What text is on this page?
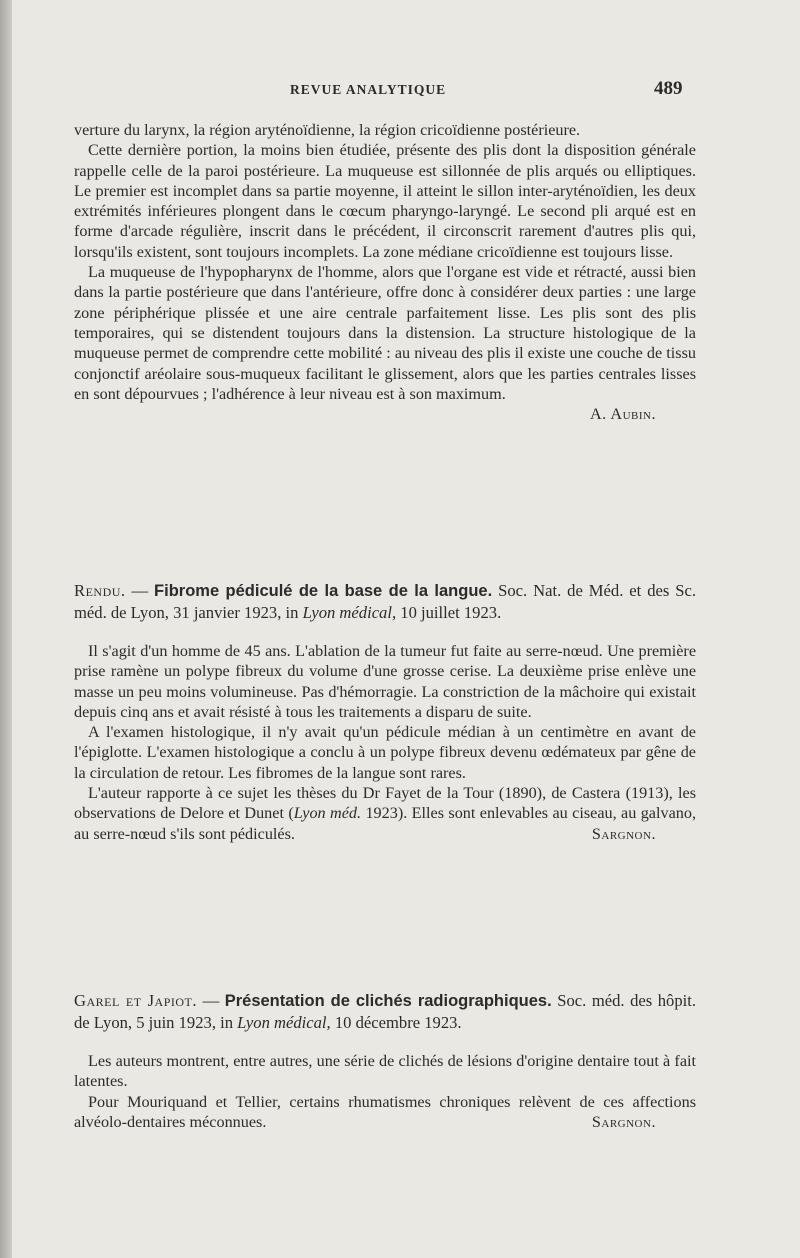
REVUE ANALYTIQUE	489

verture du larynx, la région aryténoïdienne, la région cricoïdienne postérieure.

Cette dernière portion, la moins bien étudiée, présente des plis dont la disposition générale rappelle celle de la paroi postérieure. La muqueuse est sillonnée de plis arqués ou elliptiques. Le premier est incomplet dans sa partie moyenne, il atteint le sillon inter-aryténoïdien, les deux extrémités inférieures plongent dans le cœcum pharyngo-laryngé. Le second pli arqué est en forme d'arcade régulière, inscrit dans le précédent, il circonscrit rarement d'autres plis qui, lorsqu'ils existent, sont toujours incomplets. La zone médiane cricoïdienne est toujours lisse.

La muqueuse de l'hypopharynx de l'homme, alors que l'organe est vide et rétracté, aussi bien dans la partie postérieure que dans l'antérieure, offre donc à considérer deux parties : une large zone périphérique plissée et une aire centrale parfaitement lisse. Les plis sont des plis temporaires, qui se distendent toujours dans la distension. La structure histologique de la muqueuse permet de comprendre cette mobilité : au niveau des plis il existe une couche de tissu conjonctif aréolaire sous-muqueux facilitant le glissement, alors que les parties centrales lisses en sont dépourvues ; l'adhérence à leur niveau est à son maximum.

A. Aubin.

Rendu. — Fibrome pédiculé de la base de la langue. Soc. Nat. de Méd. et des Sc. méd. de Lyon, 31 janvier 1923, in Lyon médical, 10 juillet 1923.

Il s'agit d'un homme de 45 ans. L'ablation de la tumeur fut faite au serre-nœud. Une première prise ramène un polype fibreux du volume d'une grosse cerise. La deuxième prise enlève une masse un peu moins volumineuse. Pas d'hémorragie. La constriction de la mâchoire qui existait depuis cinq ans et avait résisté à tous les traitements a disparu de suite.

A l'examen histologique, il n'y avait qu'un pédicule médian à un centimètre en avant de l'épiglotte. L'examen histologique a conclu à un polype fibreux devenu œdémateux par gêne de la circulation de retour. Les fibromes de la langue sont rares.

L'auteur rapporte à ce sujet les thèses du Dr Fayet de la Tour (1890), de Castera (1913), les observations de Delore et Dunet (Lyon méd. 1923). Elles sont enlevables au ciseau, au galvano, au serre-nœud s'ils sont pédiculés.	Sargnon.

Garel et Japiot. — Présentation de clichés radiographiques. Soc. méd. des hôpit. de Lyon, 5 juin 1923, in Lyon médical, 10 décembre 1923.

Les auteurs montrent, entre autres, une série de clichés de lésions d'origine dentaire tout à fait latentes.

Pour Mouriquand et Tellier, certains rhumatismes chroniques relèvent de ces affections alvéolo-dentaires méconnues.	Sargnon.
